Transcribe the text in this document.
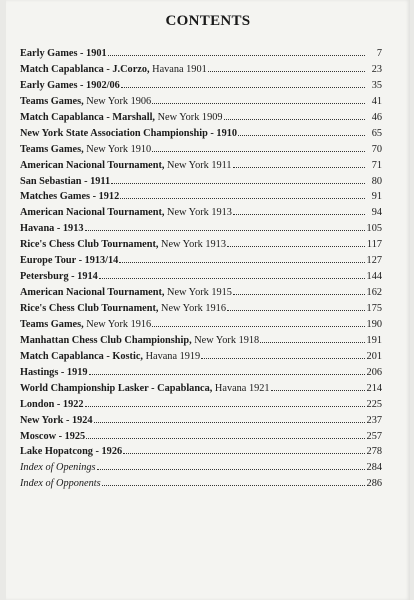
CONTENTS
Early Games - 1901	7
Match Capablanca - J.Corzo, Havana 1901	23
Early Games - 1902/06	35
Teams Games, New York 1906	41
Match Capablanca - Marshall, New York 1909	46
New York State Association Championship - 1910	65
Teams Games, New York 1910	70
American Nacional Tournament, New York 1911	71
San Sebastian - 1911	80
Matches Games - 1912	91
American Nacional Tournament, New York 1913	94
Havana - 1913	105
Rice's Chess Club Tournament, New York 1913	117
Europe Tour - 1913/14	127
Petersburg - 1914	144
American Nacional Tournament, New York 1915	162
Rice's Chess Club Tournament, New York 1916	175
Teams Games, New York 1916	190
Manhattan Chess Club Championship, New York 1918	191
Match Capablanca - Kostic, Havana 1919	201
Hastings - 1919	206
World Championship Lasker - Capablanca, Havana 1921	214
London - 1922	225
New York - 1924	237
Moscow - 1925	257
Lake Hopatcong - 1926	278
Index of Openings	284
Index of Opponents	286
